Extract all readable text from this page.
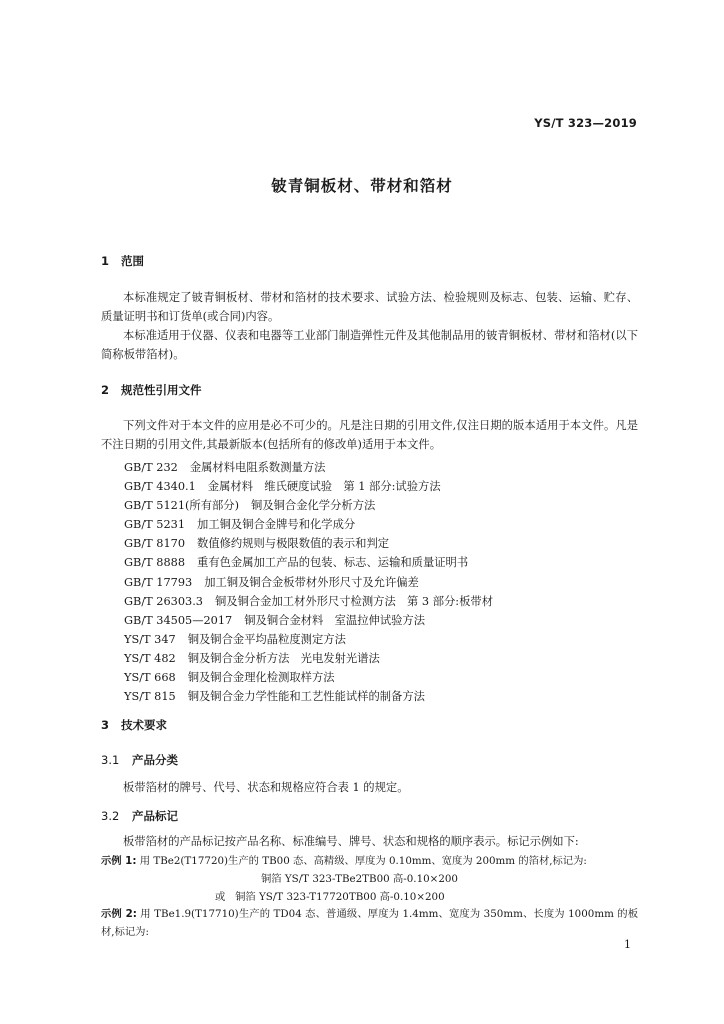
YS/T 323—2019
铍青铜板材、带材和箔材
1 范围
本标准规定了铍青铜板材、带材和箔材的技术要求、试验方法、检验规则及标志、包装、运输、贮存、质量证明书和订货单(或合同)内容。
本标准适用于仪器、仪表和电器等工业部门制造弹性元件及其他制品用的铍青铜板材、带材和箔材(以下简称板带箔材)。
2 规范性引用文件
下列文件对于本文件的应用是必不可少的。凡是注日期的引用文件,仅注日期的版本适用于本文件。凡是不注日期的引用文件,其最新版本(包括所有的修改单)适用于本文件。
GB/T 232 金属材料电阻系数测量方法
GB/T 4340.1 金属材料　维氏硬度试验　第 1 部分:试验方法
GB/T 5121(所有部分) 铜及铜合金化学分析方法
GB/T 5231 加工铜及铜合金牌号和化学成分
GB/T 8170 数值修约规则与极限数值的表示和判定
GB/T 8888 重有色金属加工产品的包装、标志、运输和质量证明书
GB/T 17793 加工铜及铜合金板带材外形尺寸及允许偏差
GB/T 26303.3 铜及铜合金加工材外形尺寸检测方法　第 3 部分:板带材
GB/T 34505—2017 铜及铜合金材料　室温拉伸试验方法
YS/T 347 铜及铜合金平均晶粒度测定方法
YS/T 482 铜及铜合金分析方法　光电发射光谱法
YS/T 668 铜及铜合金理化检测取样方法
YS/T 815 铜及铜合金力学性能和工艺性能试样的制备方法
3 技术要求
3.1 产品分类
板带箔材的牌号、代号、状态和规格应符合表 1 的规定。
3.2 产品标记
板带箔材的产品标记按产品名称、标准编号、牌号、状态和规格的顺序表示。标记示例如下:
示例 1: 用 TBe2(T17720)生产的 TB00 态、高精级、厚度为 0.10mm、宽度为 200mm 的箔材,标记为:
铜箔 YS/T 323-TBe2TB00 高-0.10×200
或 铜箔 YS/T 323-T17720TB00 高-0.10×200
示例 2: 用 TBe1.9(T17710)生产的 TD04 态、普通级、厚度为 1.4mm、宽度为 350mm、长度为 1000mm 的板材,标记为:
1
